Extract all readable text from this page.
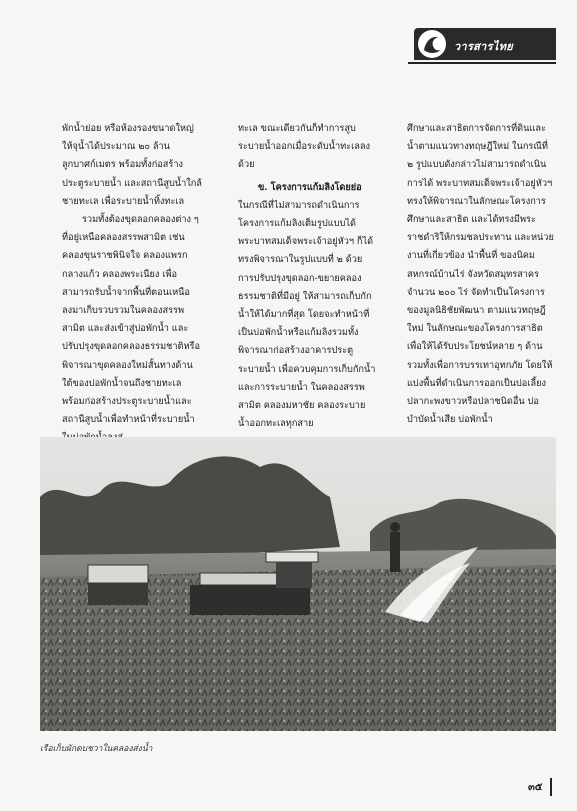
วารสารไทย

พักน้ำย่อย หรือห้องรองขนาดใหญ่ ให้จุน้ำได้ประมาณ ๒๐ ล้านลูกบาศก์เมตร พร้อมทั้งก่อสร้างประตูระบายน้ำ และสถานีสูบน้ำใกล้ชายทะเล เพื่อระบายน้ำทิ้งทะเล

รวมทั้งต้องขุดลอกคลองต่าง ๆ ที่อยู่เหนือคลองสรรพสามิต เช่น คลองขุนราชพินิจใจ คลองแพรกกลางแก้ว คลองพระเนียง เพื่อสามารถรับน้ำจากพื้นที่ตอนเหนือ ลงมาเก็บรวบรวมในคลองสรรพสามิต และส่งเข้าสู่บ่อพักน้ำ และปรับปรุงขุดลอกคลองธรรมชาติหรือพิจารณาขุดคลองใหม่สั้นทางด้านใต้ของบ่อพักน้ำจนถึงชายทะเล พร้อมก่อสร้างประตูระบายน้ำและสถานีสูบน้ำเพื่อทำหน้าที่ระบายน้ำ

ทะเล ขณะเดียวกันก็ทำการสูบระบายน้ำออกเมื่อระดับน้ำทะเลลงด้วย

ข. โครงการแก้มลิงโดยย่อ

ในกรณีที่ไม่สามารถดำเนินการโครงการแก้มลิงเต็มรูปแบบได้ พระบาทสมเด็จพระเจ้าอยู่หัวฯ ก็ได้ทรงพิจารณาในรูปแบบที่ ๒ ด้วยการปรับปรุงขุดลอก-ขยายคลองธรรมชาติที่มีอยู่ ให้สามารถเก็บกักน้ำให้ได้มากที่สุด โดยจะทำหน้าที่เป็นบ่อพักน้ำหรือแก้มลิงรวมทั้งพิจารณาก่อสร้างอาคารประตูระบายน้ำ เพื่อควบคุมการเก็บกักน้ำและการระบายน้ำ ในคลองสรรพสามิต คลองมหาชัย คลองระบายน้ำออกทะเลทุกสาย

ศึกษาและสาธิตการจัดการที่ดินและน้ำตามแนวทางทฤษฎีใหม่ ในกรณีที่ ๒ รูปแบบดังกล่าวไม่สามารถดำเนินการได้ พระบาทสมเด็จพระเจ้าอยู่หัวฯ ทรงให้พิจารณาในลักษณะโครงการศึกษาและสาธิต และได้ทรงมีพระราชดำริให้กรมชลประทาน และหน่วยงานที่เกี่ยวข้อง นำพื้นที่ ของนิคมสหกรณ์บ้านไร่ จังหวัดสมุทรสาคร จำนวน ๒๐๐ ไร่ จัดทำเป็นโครงการของมูลนิธิชัยพัฒนา ตามแนวทฤษฎีใหม่ ในลักษณะของโครงการสาธิต เพื่อให้ได้รับประโยชน์หลาย ๆ ด้าน รวมทั้งเพื่อการบรรเทาอุทกภัย โดยให้แบ่งพื้นที่ดำเนินการออกเป็นบ่อเลี้ยงปลากะพงขาวหรือปลาชนิดอื่น บ่อบำบัดน้ำเสีย บ่อพักน้ำ

เรือเก็บผักตบชวาในคลองส่งน้ำ
๓๕
